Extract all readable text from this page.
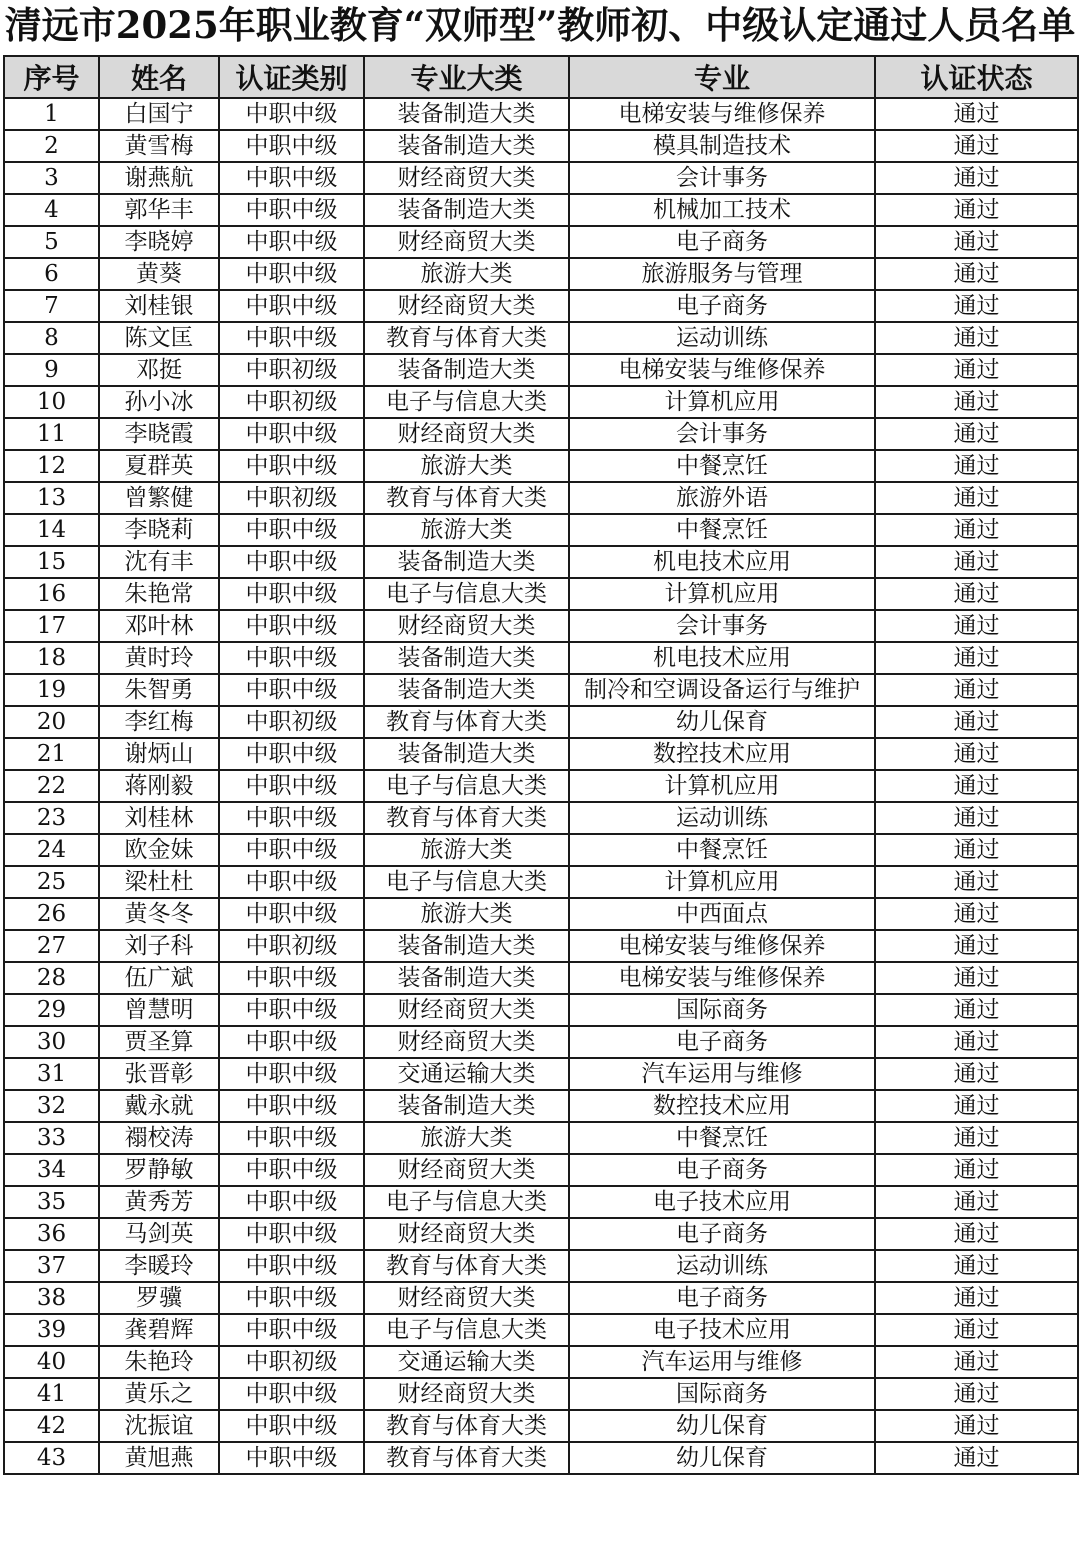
清远市2025年职业教育“双师型”教师初、中级认定通过人员名单
序号	姓名	认证类别	专业大类	专业	认证状态
1	白国宁	中职中级	装备制造大类	电梯安装与维修保养	通过
2	黄雪梅	中职中级	装备制造大类	模具制造技术	通过
3	谢燕航	中职中级	财经商贸大类	会计事务	通过
4	郭华丰	中职中级	装备制造大类	机械加工技术	通过
5	李晓婷	中职中级	财经商贸大类	电子商务	通过
6	黄葵	中职中级	旅游大类	旅游服务与管理	通过
7	刘桂银	中职中级	财经商贸大类	电子商务	通过
8	陈文匡	中职中级	教育与体育大类	运动训练	通过
9	邓挺	中职初级	装备制造大类	电梯安装与维修保养	通过
10	孙小冰	中职初级	电子与信息大类	计算机应用	通过
11	李晓霞	中职中级	财经商贸大类	会计事务	通过
12	夏群英	中职中级	旅游大类	中餐烹饪	通过
13	曾繁健	中职初级	教育与体育大类	旅游外语	通过
14	李晓莉	中职中级	旅游大类	中餐烹饪	通过
15	沈有丰	中职中级	装备制造大类	机电技术应用	通过
16	朱艳常	中职中级	电子与信息大类	计算机应用	通过
17	邓叶林	中职中级	财经商贸大类	会计事务	通过
18	黄时玲	中职中级	装备制造大类	机电技术应用	通过
19	朱智勇	中职中级	装备制造大类	制冷和空调设备运行与维护	通过
20	李红梅	中职初级	教育与体育大类	幼儿保育	通过
21	谢炳山	中职中级	装备制造大类	数控技术应用	通过
22	蒋刚毅	中职中级	电子与信息大类	计算机应用	通过
23	刘桂林	中职中级	教育与体育大类	运动训练	通过
24	欧金妹	中职中级	旅游大类	中餐烹饪	通过
25	梁杜杜	中职中级	电子与信息大类	计算机应用	通过
26	黄冬冬	中职中级	旅游大类	中西面点	通过
27	刘子科	中职初级	装备制造大类	电梯安装与维修保养	通过
28	伍广斌	中职中级	装备制造大类	电梯安装与维修保养	通过
29	曾慧明	中职中级	财经商贸大类	国际商务	通过
30	贾圣算	中职中级	财经商贸大类	电子商务	通过
31	张晋彰	中职中级	交通运输大类	汽车运用与维修	通过
32	戴永就	中职中级	装备制造大类	数控技术应用	通过
33	禤校涛	中职中级	旅游大类	中餐烹饪	通过
34	罗静敏	中职中级	财经商贸大类	电子商务	通过
35	黄秀芳	中职中级	电子与信息大类	电子技术应用	通过
36	马剑英	中职中级	财经商贸大类	电子商务	通过
37	李暖玲	中职中级	教育与体育大类	运动训练	通过
38	罗骥	中职中级	财经商贸大类	电子商务	通过
39	龚碧辉	中职中级	电子与信息大类	电子技术应用	通过
40	朱艳玲	中职初级	交通运输大类	汽车运用与维修	通过
41	黄乐之	中职中级	财经商贸大类	国际商务	通过
42	沈振谊	中职中级	教育与体育大类	幼儿保育	通过
43	黄旭燕	中职中级	教育与体育大类	幼儿保育	通过
